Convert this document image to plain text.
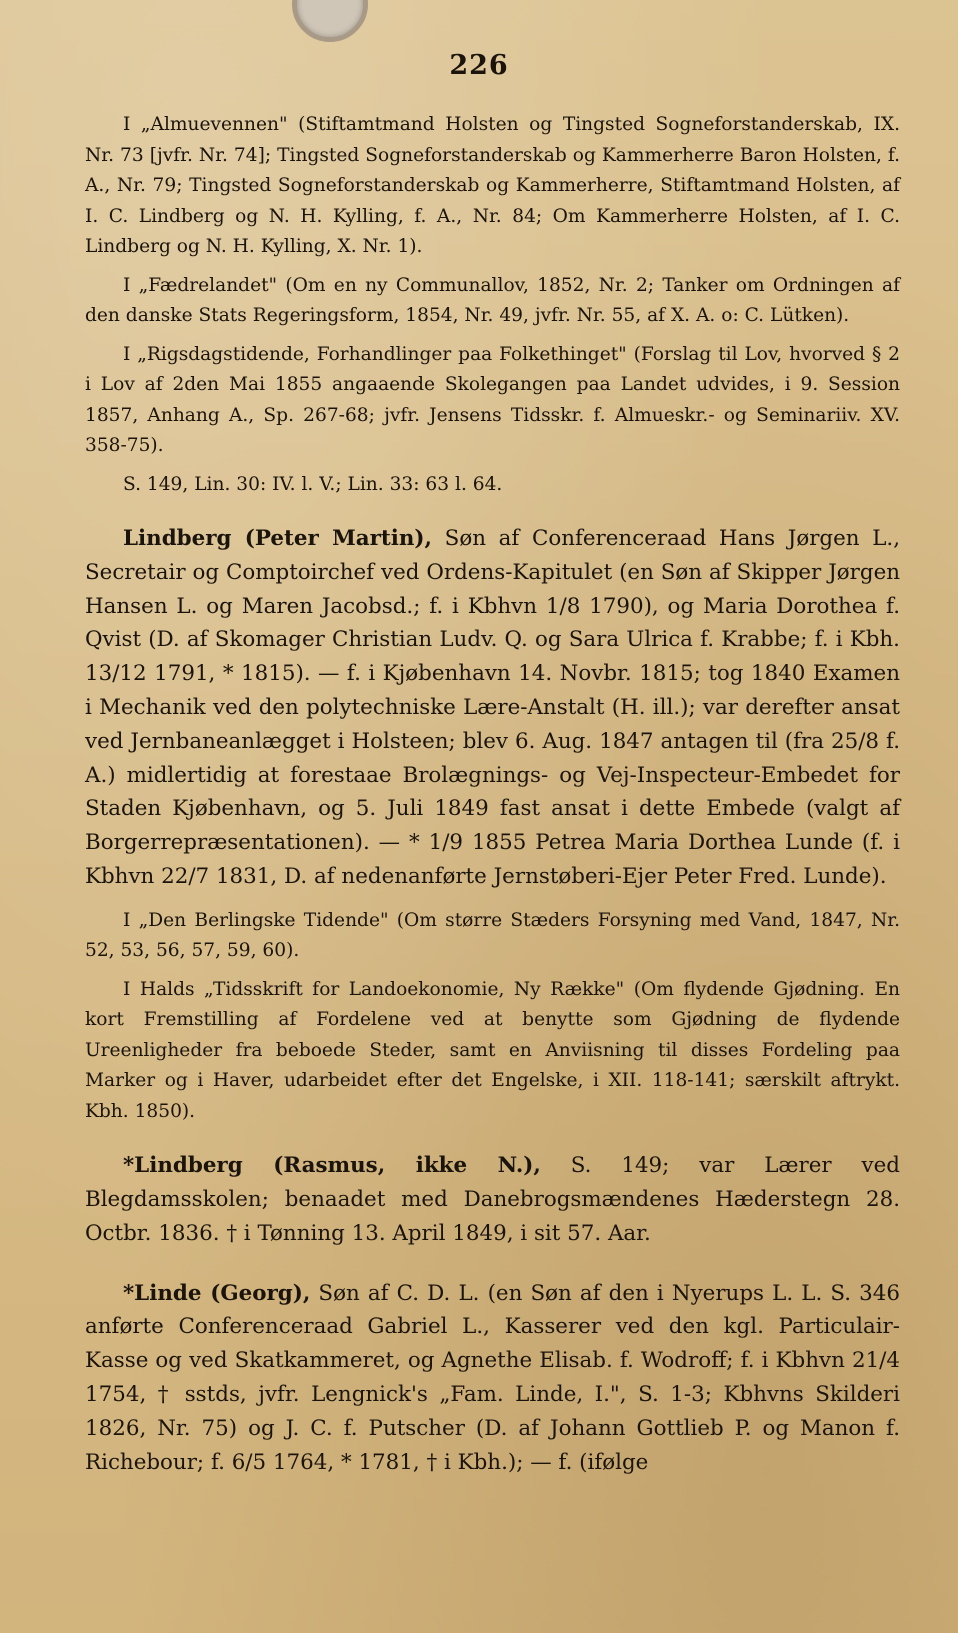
226

I „Almuevennen" (Stiftamtmand Holsten og Tingsted Sogneforstanderskab, IX. Nr. 73 [jvfr. Nr. 74]; Tingsted Sogneforstanderskab og Kammerherre Baron Holsten, f. A., Nr. 79; Tingsted Sogneforstanderskab og Kammerherre, Stiftamtmand Holsten, af I. C. Lindberg og N. H. Kylling, f. A., Nr. 84; Om Kammerherre Holsten, af I. C. Lindberg og N. H. Kylling, X. Nr. 1).

I „Fædrelandet" (Om en ny Communallov, 1852, Nr. 2; Tanker om Ordningen af den danske Stats Regeringsform, 1854, Nr. 49, jvfr. Nr. 55, af X. A. o: C. Lütken).

I „Rigsdagstidende, Forhandlinger paa Folkethinget" (Forslag til Lov, hvorved § 2 i Lov af 2den Mai 1855 angaaende Skolegangen paa Landet udvides, i 9. Session 1857, Anhang A., Sp. 267-68; jvfr. Jensens Tidsskr. f. Almueskr.- og Seminariiv. XV. 358-75).

S. 149, Lin. 30: IV. l. V.; Lin. 33: 63 l. 64.

Lindberg (Peter Martin), Søn af Conferenceraad Hans Jørgen L., Secretair og Comptoirchef ved Ordens-Kapitulet (en Søn af Skipper Jørgen Hansen L. og Maren Jacobsd.; f. i Kbhvn 1/8 1790), og Maria Dorothea f. Qvist (D. af Skomager Christian Ludv. Q. og Sara Ulrica f. Krabbe; f. i Kbh. 13/12 1791, * 1815). — f. i Kjøbenhavn 14. Novbr. 1815; tog 1840 Examen i Mechanik ved den polytechniske Lære-Anstalt (H. ill.); var derefter ansat ved Jernbaneanlægget i Holsteen; blev 6. Aug. 1847 antagen til (fra 25/8 f. A.) midlertidig at forestaae Brolægnings- og Vej-Inspecteur-Embedet for Staden Kjøbenhavn, og 5. Juli 1849 fast ansat i dette Embede (valgt af Borgerrepræsentationen). — * 1/9 1855 Petrea Maria Dorthea Lunde (f. i Kbhvn 22/7 1831, D. af nedenanførte Jernstøberi-Ejer Peter Fred. Lunde).

I „Den Berlingske Tidende" (Om større Stæders Forsyning med Vand, 1847, Nr. 52, 53, 56, 57, 59, 60).

I Halds „Tidsskrift for Landoekonomie, Ny Række" (Om flydende Gjødning. En kort Fremstilling af Fordelene ved at benytte som Gjødning de flydende Ureenligheder fra beboede Steder, samt en Anviisning til disses Fordeling paa Marker og i Haver, udarbeidet efter det Engelske, i XII. 118-141; særskilt aftrykt. Kbh. 1850).

*Lindberg (Rasmus, ikke N.), S. 149; var Lærer ved Blegdamsskolen; benaadet med Danebrogsmændenes Hæderstegn 28. Octbr. 1836. † i Tønning 13. April 1849, i sit 57. Aar.

*Linde (Georg), Søn af C. D. L. (en Søn af den i Nyerups L. L. S. 346 anførte Conferenceraad Gabriel L., Kasserer ved den kgl. Particulair-Kasse og ved Skatkammeret, og Agnethe Elisab. f. Wodroff; f. i Kbhvn 21/4 1754, † sstds, jvfr. Lengnick's „Fam. Linde, I.", S. 1-3; Kbhvns Skilderi 1826, Nr. 75) og J. C. f. Putscher (D. af Johann Gottlieb P. og Manon f. Richebour; f. 6/5 1764, * 1781, † i Kbh.); — f. (ifølge
